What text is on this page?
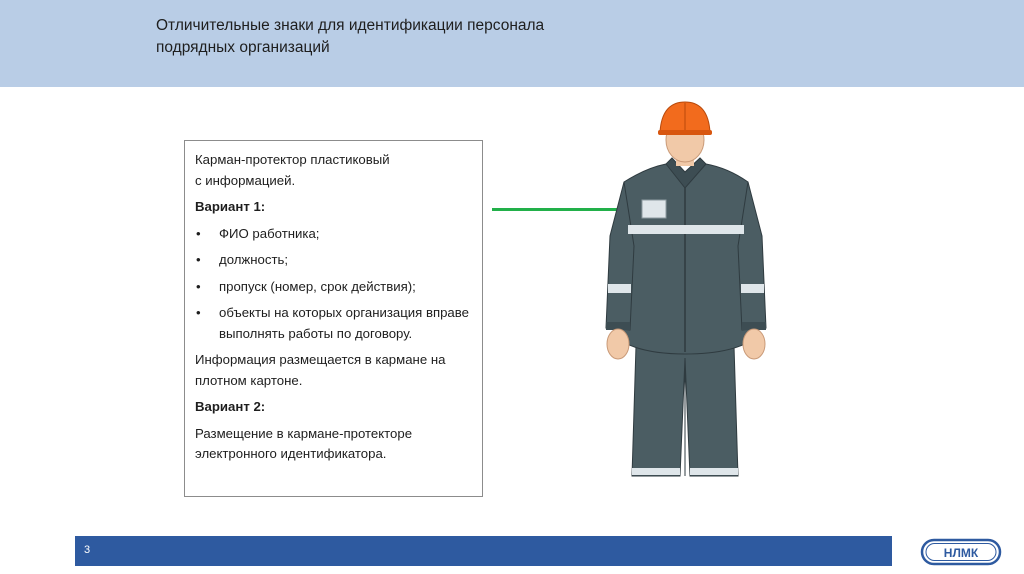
Отличительные знаки для идентификации персонала
подрядных организаций

Карман-протектор пластиковый
с информацией.

Вариант 1:

• ФИО работника;
• должность;
• пропуск (номер, срок действия);
• объекты на которых организация вправе выполнять работы по договору.

Информация размещается в кармане на плотном картоне.

Вариант 2:

Размещение в кармане-протекторе электронного идентификатора.

3	НЛМК
